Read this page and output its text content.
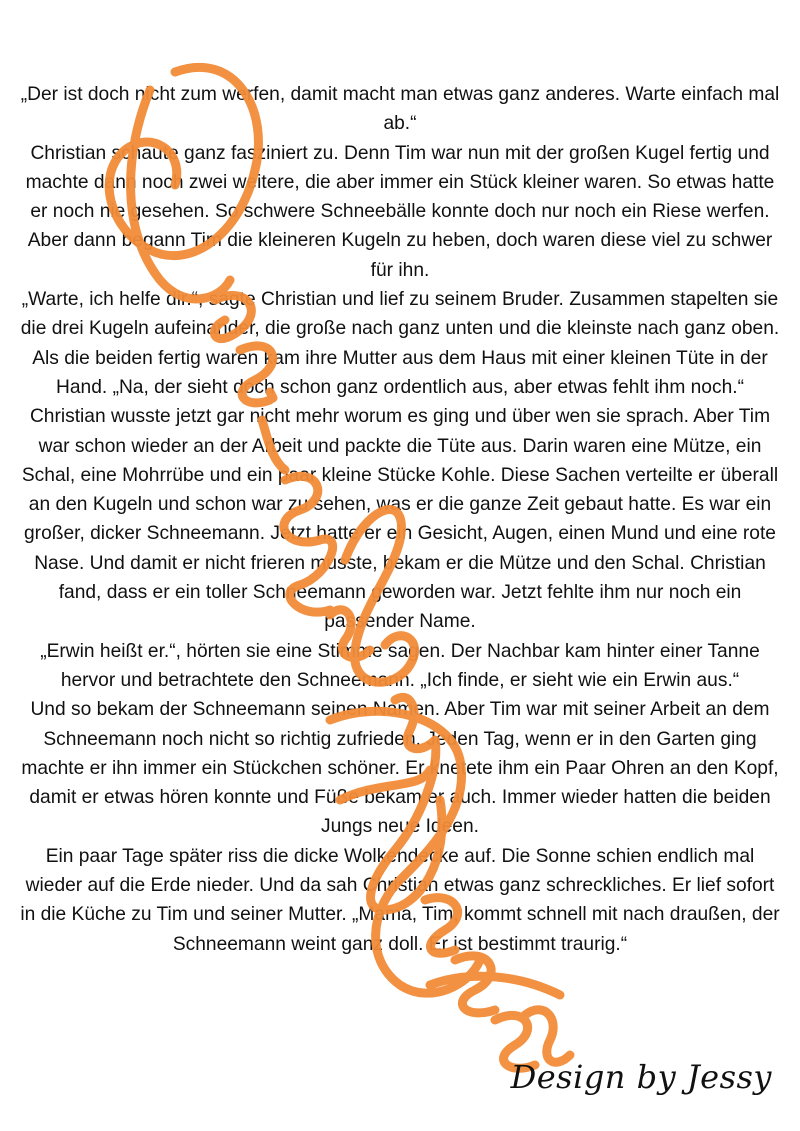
„Der ist doch nicht zum werfen, damit macht man etwas ganz anderes. Warte einfach mal ab.“

Christian schaute ganz fasziniert zu. Denn Tim war nun mit der großen Kugel fertig und machte dann noch zwei weitere, die aber immer ein Stück kleiner waren. So etwas hatte er noch nie gesehen. So schwere Schneebälle konnte doch nur noch ein Riese werfen. Aber dann begann Tim die kleineren Kugeln zu heben, doch waren diese viel zu schwer für ihn.

„Warte, ich helfe dir.“, sagte Christian und lief zu seinem Bruder. Zusammen stapelten sie die drei Kugeln aufeinander, die große nach ganz unten und die kleinste nach ganz oben. Als die beiden fertig waren kam ihre Mutter aus dem Haus mit einer kleinen Tüte in der Hand. „Na, der sieht doch schon ganz ordentlich aus, aber etwas fehlt ihm noch.“

Christian wusste jetzt gar nicht mehr worum es ging und über wen sie sprach. Aber Tim war schon wieder an der Arbeit und packte die Tüte aus. Darin waren eine Mütze, ein Schal, eine Mohrrübe und ein paar kleine Stücke Kohle. Diese Sachen verteilte er überall an den Kugeln und schon war zu sehen, was er die ganze Zeit gebaut hatte. Es war ein großer, dicker Schneemann. Jetzt hatte er ein Gesicht, Augen, einen Mund und eine rote Nase. Und damit er nicht frieren musste, bekam er die Mütze und den Schal. Christian fand, dass er ein toller Schneemann geworden war. Jetzt fehlte ihm nur noch ein passender Name.

„Erwin heißt er.“, hörten sie eine Stimme sagen. Der Nachbar kam hinter einer Tanne hervor und betrachtete den Schneemann. „Ich finde, er sieht wie ein Erwin aus.“

Und so bekam der Schneemann seinen Namen. Aber Tim war mit seiner Arbeit an dem Schneemann noch nicht so richtig zufrieden. Jeden Tag, wenn er in den Garten ging machte er ihn immer ein Stückchen schöner. Er knetete ihm ein Paar Ohren an den Kopf, damit er etwas hören konnte und Füße bekam er auch. Immer wieder hatten die beiden Jungs neue Ideen.

Ein paar Tage später riss die dicke Wolkendecke auf. Die Sonne schien endlich mal wieder auf die Erde nieder. Und da sah Christian etwas ganz schreckliches. Er lief sofort in die Küche zu Tim und seiner Mutter. „Mama, Tim, kommt schnell mit nach draußen, der Schneemann weint ganz doll. Er ist bestimmt traurig.“

Design by Jessy
